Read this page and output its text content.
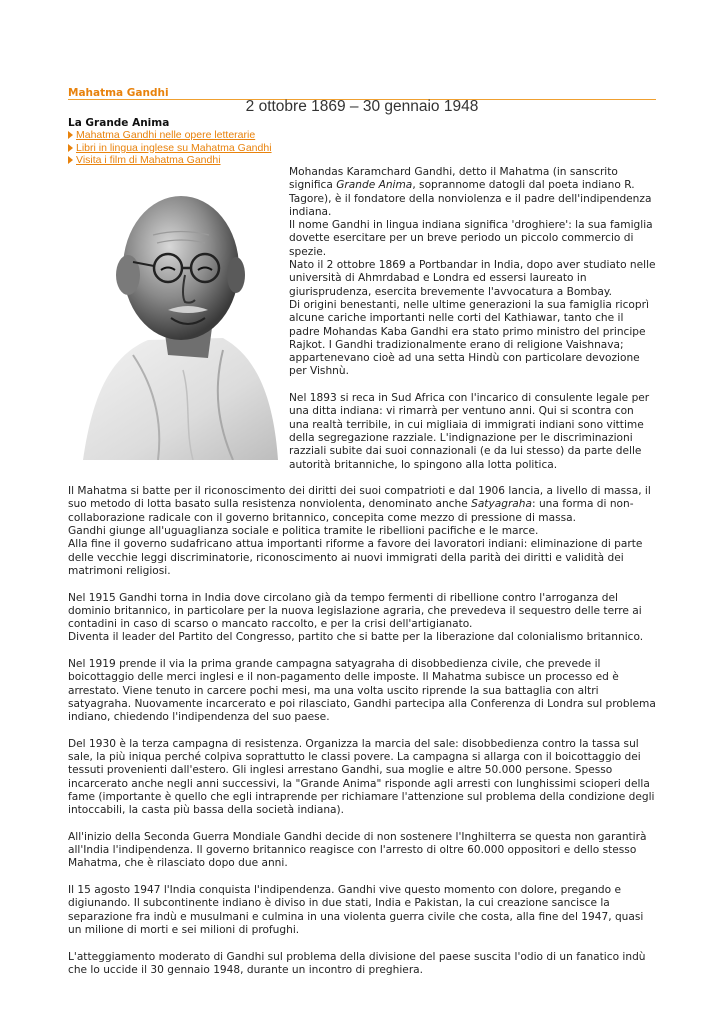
Mahatma Gandhi
2 ottobre 1869 – 30 gennaio 1948
La Grande Anima
Mahatma Gandhi nelle opere letterarie
Libri in lingua inglese su Mahatma Gandhi
Visita i film di Mahatma Gandhi

Mohandas Karamchard Gandhi, detto il Mahatma (in sanscrito significa Grande Anima, soprannome datogli dal poeta indiano R. Tagore), è il fondatore della nonviolenza e il padre dell'indipendenza indiana.
Il nome Gandhi in lingua indiana significa 'droghiere': la sua famiglia dovette esercitare per un breve periodo un piccolo commercio di spezie.
Nato il 2 ottobre 1869 a Portbandar in India, dopo aver studiato nelle università di Ahmrdabad e Londra ed essersi laureato in giurisprudenza, esercita brevemente l'avvocatura a Bombay.
Di origini benestanti, nelle ultime generazioni la sua famiglia ricoprì alcune cariche importanti nelle corti del Kathiawar, tanto che il padre Mohandas Kaba Gandhi era stato primo ministro del principe Rajkot. I Gandhi tradizionalmente erano di religione Vaishnava; appartenevano cioè ad una setta Hindù con particolare devozione per Vishnù.

Nel 1893 si reca in Sud Africa con l'incarico di consulente legale per una ditta indiana: vi rimarrà per ventuno anni. Qui si scontra con una realtà terribile, in cui migliaia di immigrati indiani sono vittime della segregazione razziale. L'indignazione per le discriminazioni razziali subite dai suoi connazionali (e da lui stesso) da parte delle autorità britanniche, lo spingono alla lotta politica.

Il Mahatma si batte per il riconoscimento dei diritti dei suoi compatrioti e dal 1906 lancia, a livello di massa, il suo metodo di lotta basato sulla resistenza nonviolenta, denominato anche Satyagraha: una forma di non-collaborazione radicale con il governo britannico, concepita come mezzo di pressione di massa.
Gandhi giunge all'uguaglianza sociale e politica tramite le ribellioni pacifiche e le marce.
Alla fine il governo sudafricano attua importanti riforme a favore dei lavoratori indiani: eliminazione di parte delle vecchie leggi discriminatorie, riconoscimento ai nuovi immigrati della parità dei diritti e validità dei matrimoni religiosi.

Nel 1915 Gandhi torna in India dove circolano già da tempo fermenti di ribellione contro l'arroganza del dominio britannico, in particolare per la nuova legislazione agraria, che prevedeva il sequestro delle terre ai contadini in caso di scarso o mancato raccolto, e per la crisi dell'artigianato.
Diventa il leader del Partito del Congresso, partito che si batte per la liberazione dal colonialismo britannico.

Nel 1919 prende il via la prima grande campagna satyagraha di disobbedienza civile, che prevede il boicottaggio delle merci inglesi e il non-pagamento delle imposte. Il Mahatma subisce un processo ed è arrestato. Viene tenuto in carcere pochi mesi, ma una volta uscito riprende la sua battaglia con altri satyagraha. Nuovamente incarcerato e poi rilasciato, Gandhi partecipa alla Conferenza di Londra sul problema indiano, chiedendo l'indipendenza del suo paese.

Del 1930 è la terza campagna di resistenza. Organizza la marcia del sale: disobbedienza contro la tassa sul sale, la più iniqua perché colpiva soprattutto le classi povere. La campagna si allarga con il boicottaggio dei tessuti provenienti dall'estero. Gli inglesi arrestano Gandhi, sua moglie e altre 50.000 persone. Spesso incarcerato anche negli anni successivi, la "Grande Anima" risponde agli arresti con lunghissimi scioperi della fame (importante è quello che egli intraprende per richiamare l'attenzione sul problema della condizione degli intoccabili, la casta più bassa della società indiana).

All'inizio della Seconda Guerra Mondiale Gandhi decide di non sostenere l'Inghilterra se questa non garantirà all'India l'indipendenza. Il governo britannico reagisce con l'arresto di oltre 60.000 oppositori e dello stesso Mahatma, che è rilasciato dopo due anni.

Il 15 agosto 1947 l'India conquista l'indipendenza. Gandhi vive questo momento con dolore, pregando e digiunando. Il subcontinente indiano è diviso in due stati, India e Pakistan, la cui creazione sancisce la separazione fra indù e musulmani e culmina in una violenta guerra civile che costa, alla fine del 1947, quasi un milione di morti e sei milioni di profughi.

L'atteggiamento moderato di Gandhi sul problema della divisione del paese suscita l'odio di un fanatico indù che lo uccide il 30 gennaio 1948, durante un incontro di preghiera.
